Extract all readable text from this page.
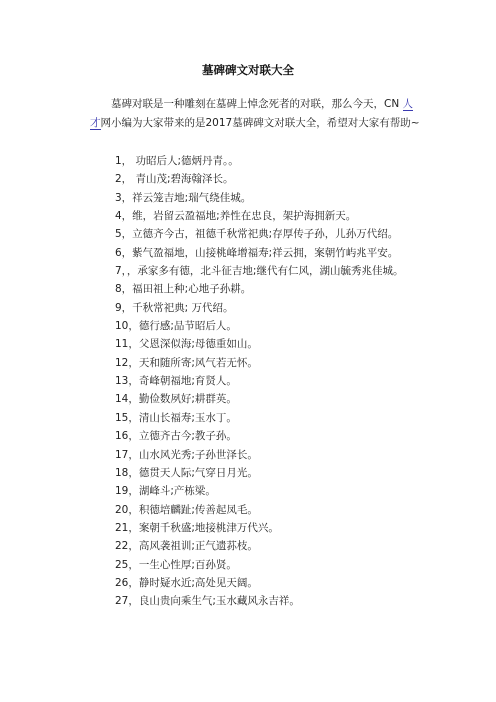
墓碑碑文对联大全
墓碑对联是一种雕刻在墓碑上悼念死者的对联，那么今天，CN 人才网小编为大家带来的是2017墓碑碑文对联大全，希望对大家有帮助~
1， 功昭后人;德炳丹青。。
2， 青山茂;碧海翰泽长。
3，祥云笼吉地;瑞气绕佳城。
4，维，岩留云盈福地;养性在忠良，架护海拥新天。
5，立德齐今古，祖德千秋常祀典;存厚传子孙，儿孙万代绍。
6，紫气盈福地，山接桃峰增福寿;祥云拥，案朝竹屿兆平安。
7，，承家多有德，北斗征吉地;继代有仁风，湖山毓秀兆佳城。
8，福田祖上种;心地子孙耕。
9，千秋常祀典; 万代绍。
10，德行感;品节昭后人。
11，父恩深似海;母德重如山。
12，天和随所寄;风气若无怀。
13，奇峰朝福地;育贤人。
14，勤俭数夙好;耕群英。
15，清山长福寿;玉水丁。
16，立德齐古今;教子孙。
17，山水风光秀;子孙世泽长。
18，德贯天人际;气穿日月光。
19，湖峰斗;产栋梁。
20，积德培麟趾;传善起凤毛。
21，案朝千秋盛;地接桃津万代兴。
22，高风袭祖训;正气遗荪枝。
25，一生心性厚;百孙贤。
26，静时疑水近;高处见天阔。
27，良山贵向乘生气;玉水藏风永吉祥。
